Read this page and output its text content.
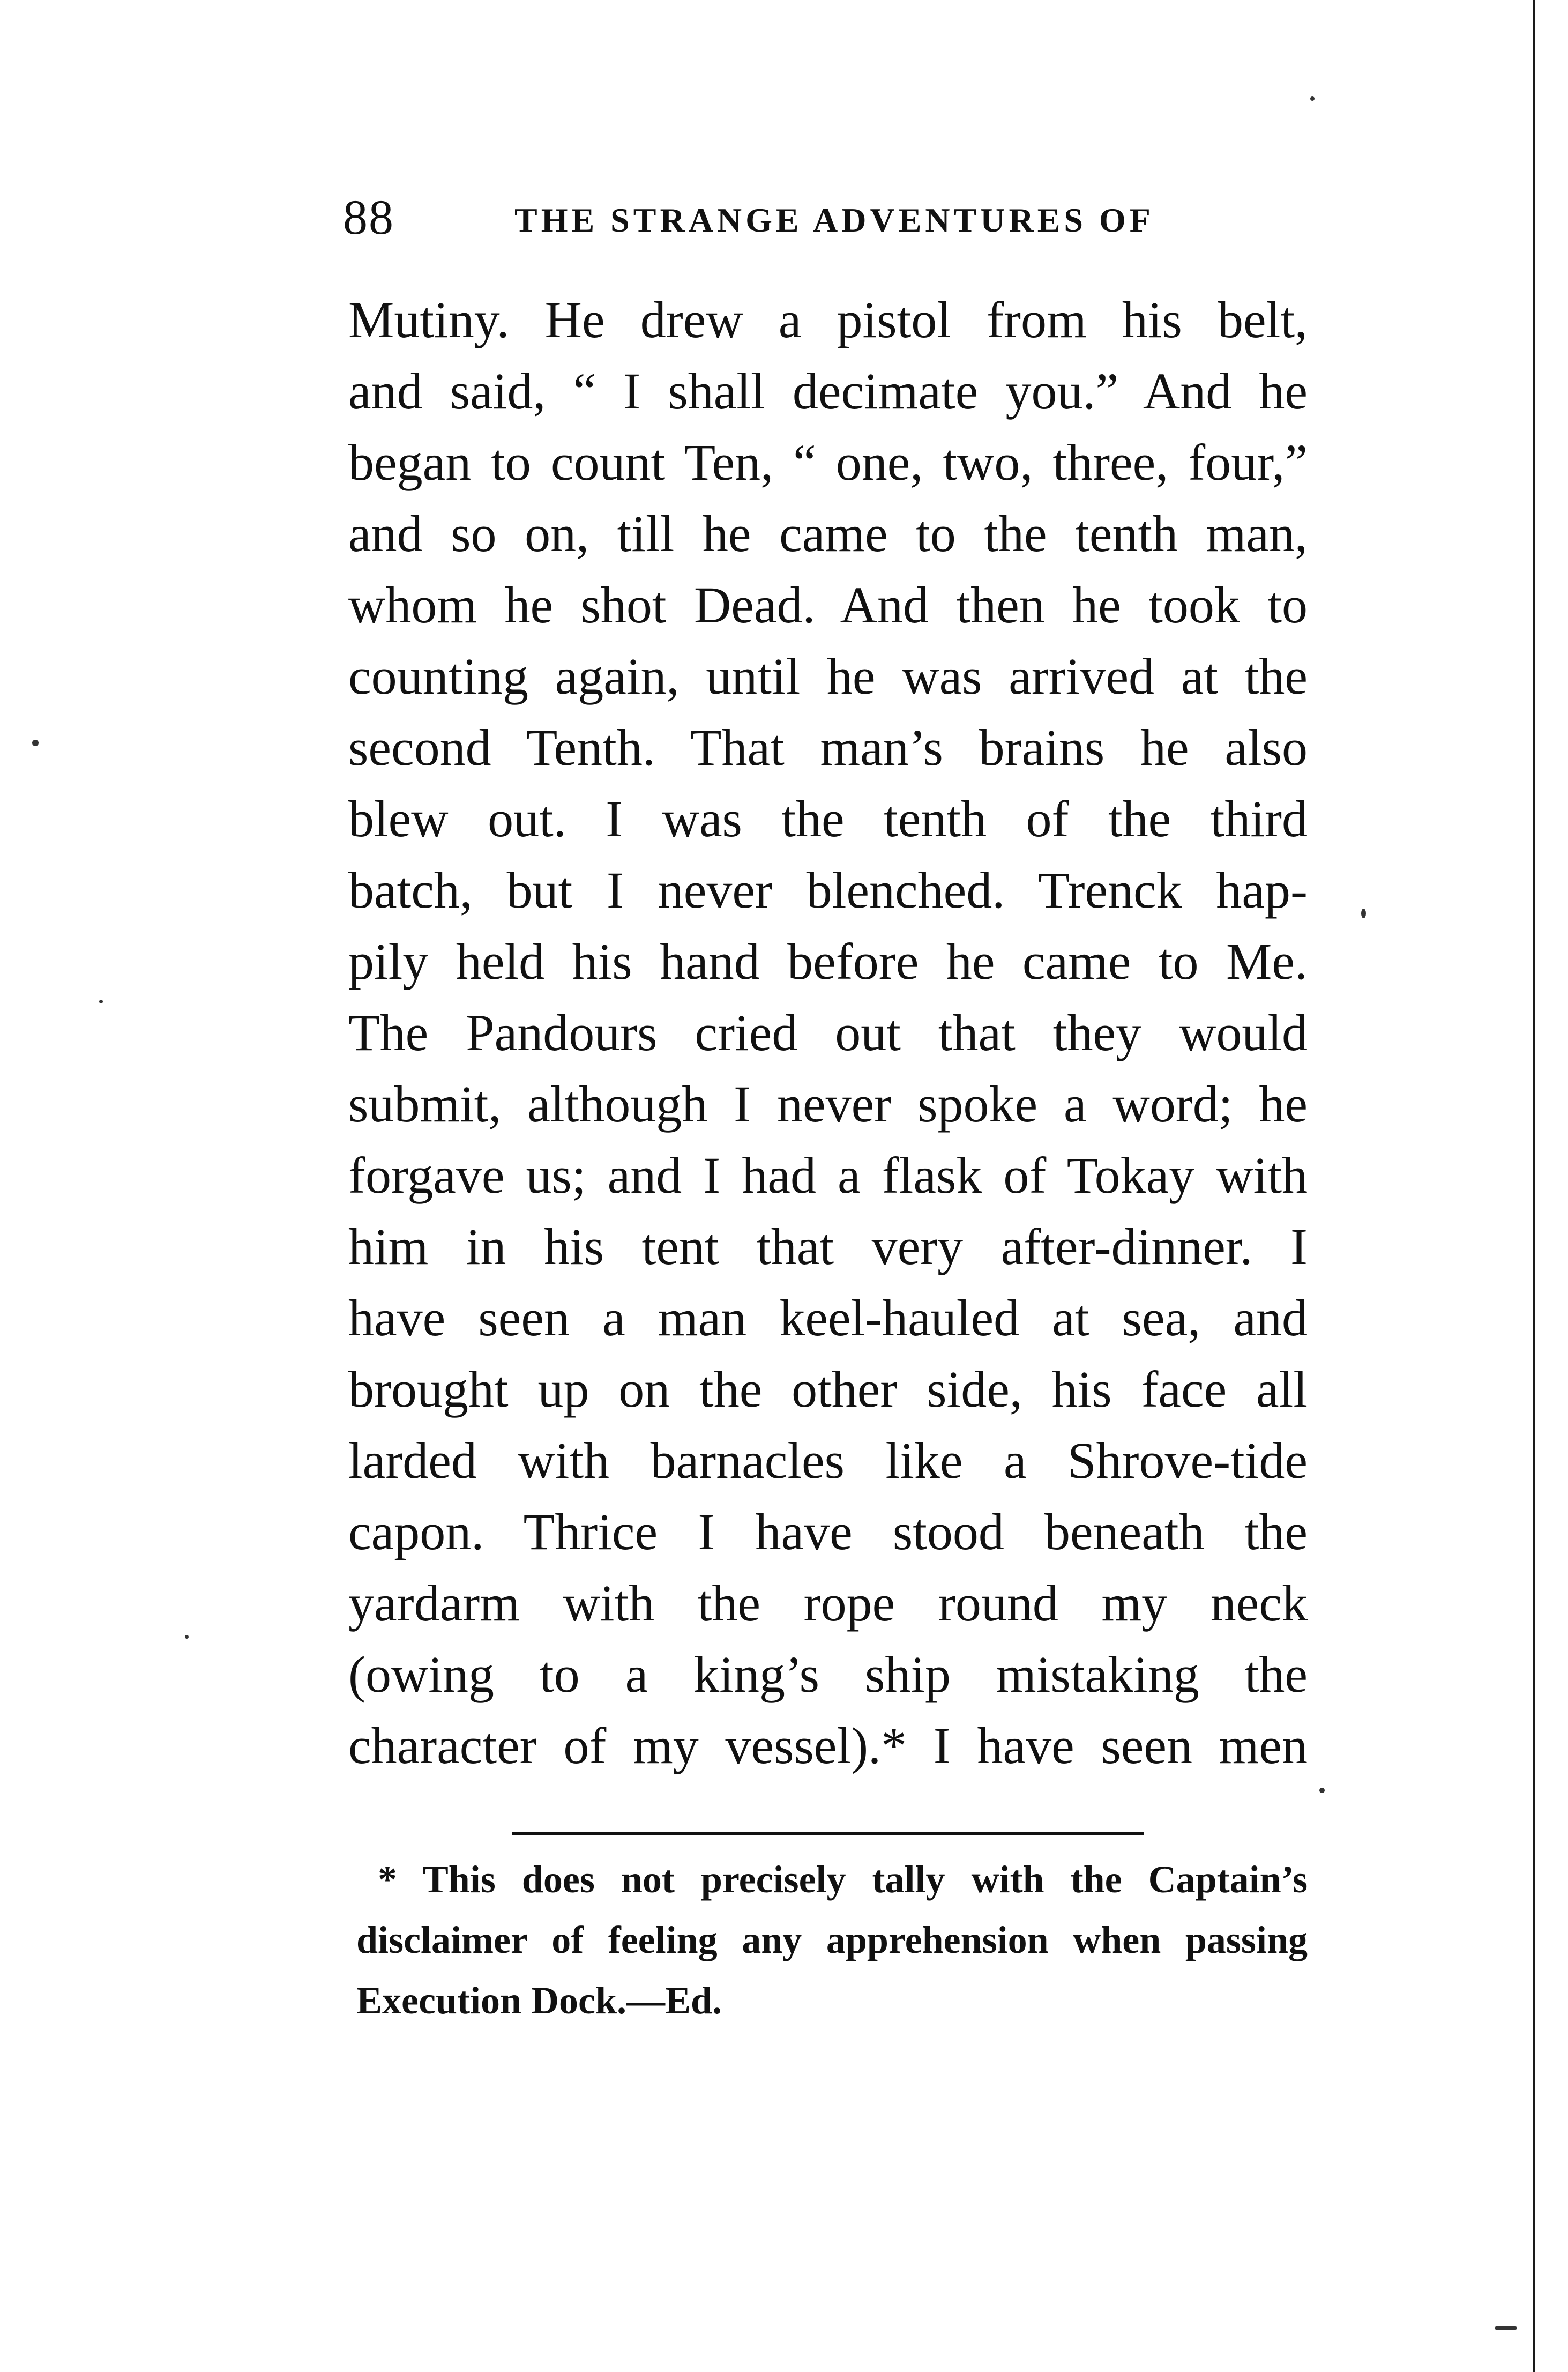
88	THE STRANGE ADVENTURES OF
Mutiny. He drew a pistol from his belt,
and said, “ I shall decimate you.” And he
began to count Ten, “ one, two, three, four,”
and so on, till he came to the tenth man,
whom he shot Dead. And then he took to
counting again, until he was arrived at the
second Tenth. That man’s brains he also
blew out. I was the tenth of the third
batch, but I never blenched. Trenck hap-
pily held his hand before he came to Me.
The Pandours cried out that they would
submit, although I never spoke a word; he
forgave us; and I had a flask of Tokay with
him in his tent that very after-dinner. I
have seen a man keel-hauled at sea, and
brought up on the other side, his face all
larded with barnacles like a Shrove-tide
capon. Thrice I have stood beneath the
yardarm with the rope round my neck
(owing to a king’s ship mistaking the
character of my vessel).* I have seen men
* This does not precisely tally with the Captain’s
disclaimer of feeling any apprehension when passing
Execution Dock.—Ed.
